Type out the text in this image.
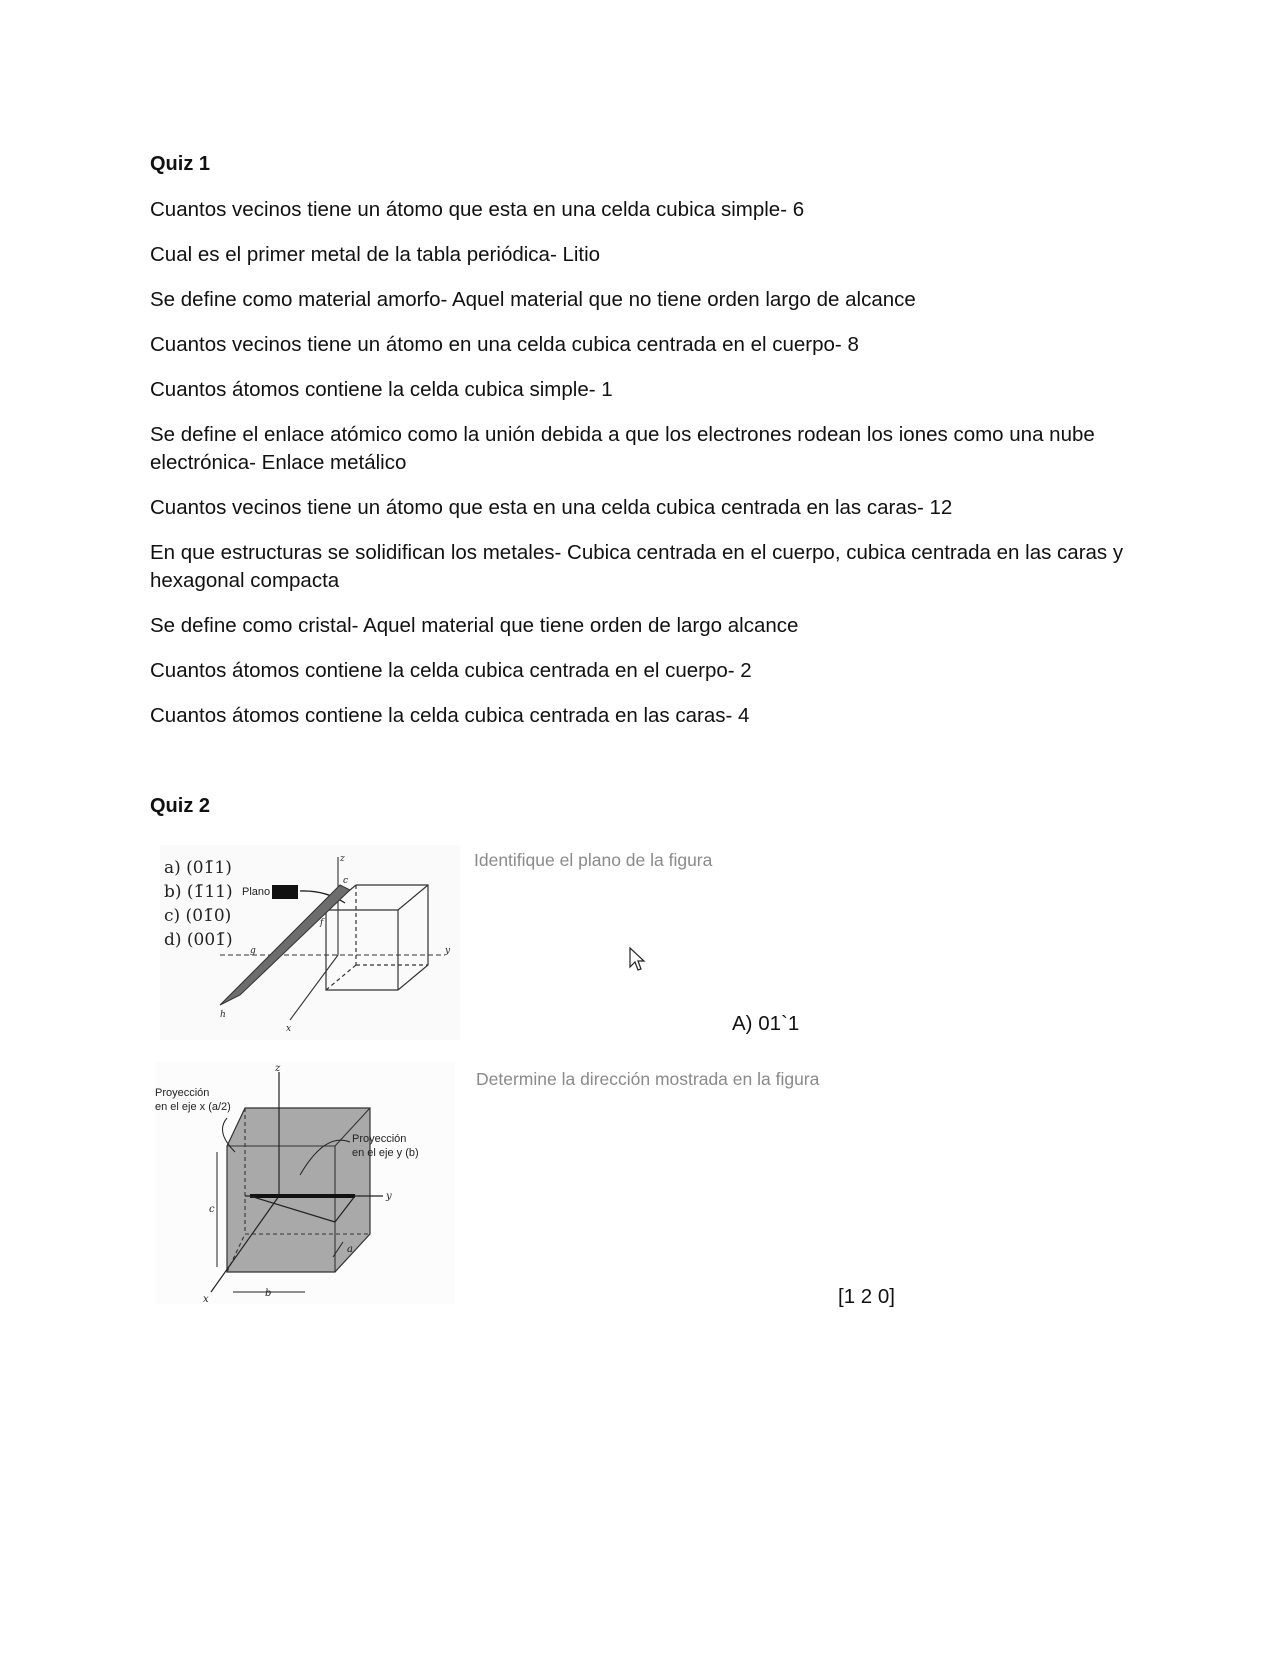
Quiz 1
Cuantos vecinos tiene un átomo que esta en una celda cubica simple- 6
Cual es el primer metal de la tabla periódica- Litio
Se define como material amorfo- Aquel material que no tiene orden largo de alcance
Cuantos vecinos tiene un átomo en una celda cubica centrada en el cuerpo- 8
Cuantos átomos contiene la celda cubica simple- 1
Se define el enlace atómico como la unión debida a que los electrones rodean los iones como una nube electrónica- Enlace metálico
Cuantos vecinos tiene un átomo que esta en una celda cubica centrada en las caras- 12
En que estructuras se solidifican los metales- Cubica centrada en el cuerpo, cubica centrada en las caras y hexagonal compacta
Se define como cristal- Aquel material que tiene orden de largo alcance
Cuantos átomos contiene la celda cubica centrada en el cuerpo- 2
Cuantos átomos contiene la celda cubica centrada en las caras- 4
Quiz 2
a) (01̄1)
b) (1̄11)
c) (01̄0)
d) (001̄)
Plano
z
y
x
c
f
g
h
Identifique el plano de la figura
A) 01`1
Proyección
en el eje x (a/2)
Proyección
en el eje y (b)
z
y
x
b
a
c
Determine la dirección mostrada en la figura
[1 2 0]
